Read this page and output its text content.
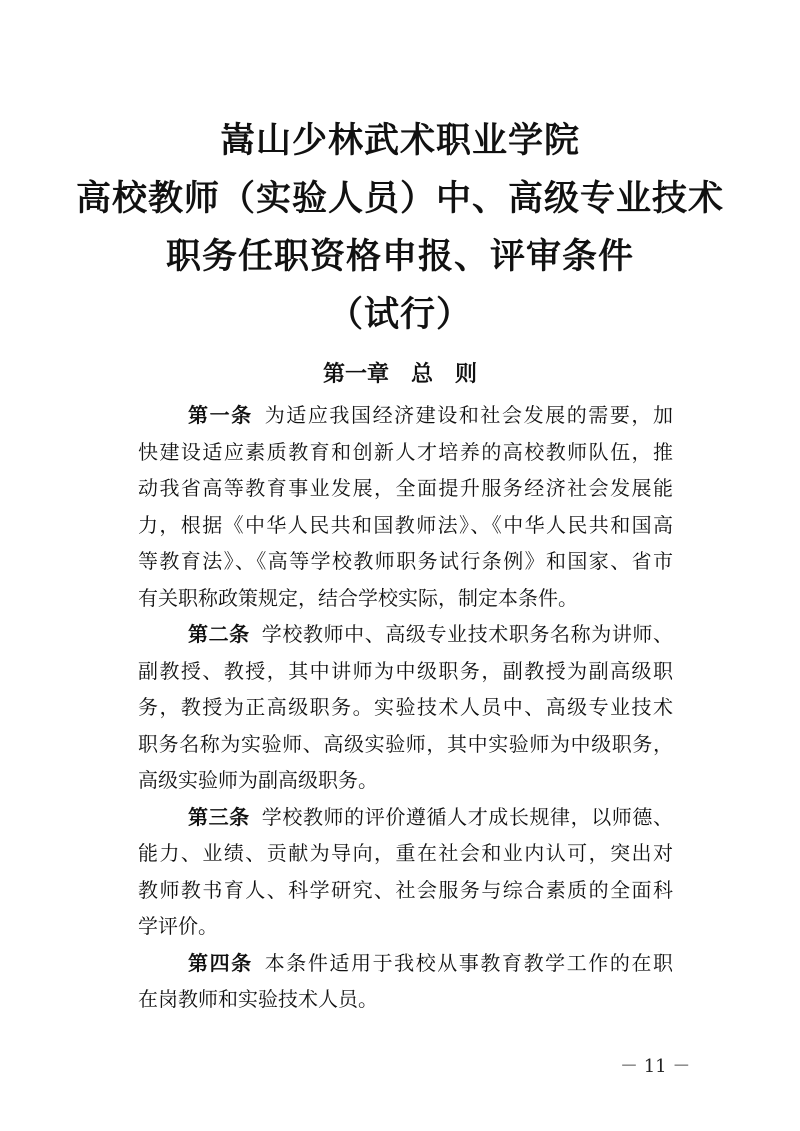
嵩山少林武术职业学院
高校教师（实验人员）中、高级专业技术
职务任职资格申报、评审条件
（试行）
第一章　总　则
第一条 为适应我国经济建设和社会发展的需要，加
快建设适应素质教育和创新人才培养的高校教师队伍，推
动我省高等教育事业发展，全面提升服务经济社会发展能
力，根据《中华人民共和国教师法》、《中华人民共和国高
等教育法》、《高等学校教师职务试行条例》和国家、省市
有关职称政策规定，结合学校实际，制定本条件。
第二条 学校教师中、高级专业技术职务名称为讲师、
副教授、教授，其中讲师为中级职务，副教授为副高级职
务，教授为正高级职务。实验技术人员中、高级专业技术
职务名称为实验师、高级实验师，其中实验师为中级职务，
高级实验师为副高级职务。
第三条 学校教师的评价遵循人才成长规律，以师德、
能力、业绩、贡献为导向，重在社会和业内认可，突出对
教师教书育人、科学研究、社会服务与综合素质的全面科
学评价。
第四条 本条件适用于我校从事教育教学工作的在职
在岗教师和实验技术人员。
－ 11 －
